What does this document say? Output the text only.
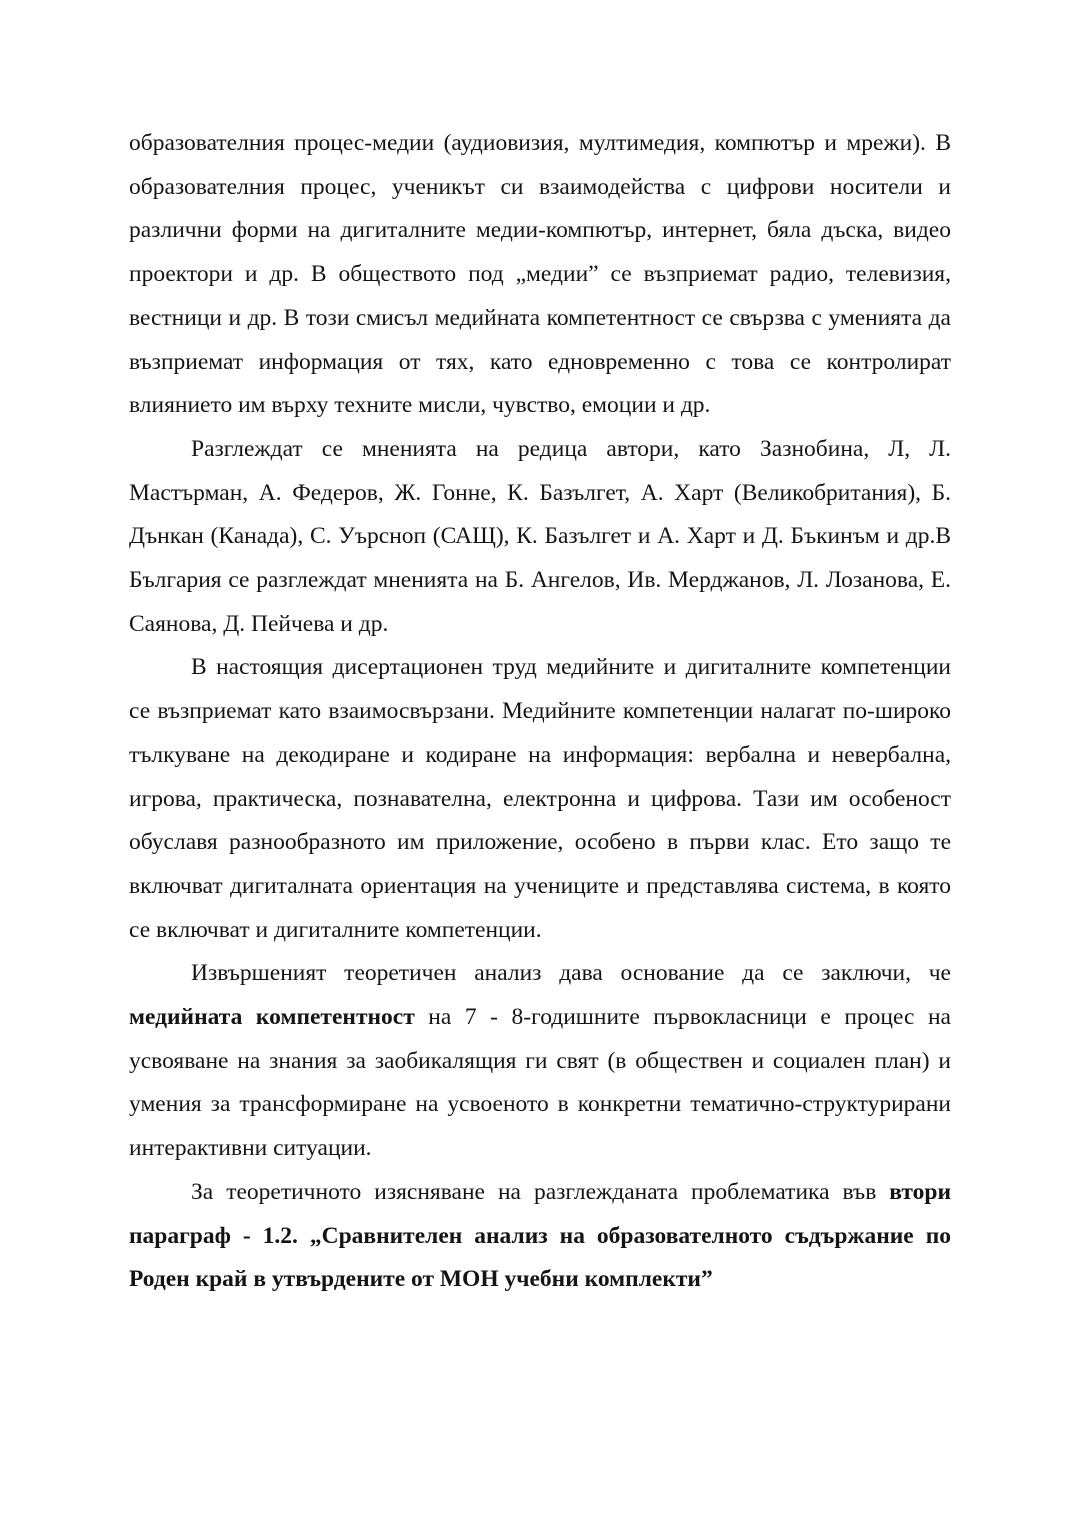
образователния процес-медии (аудиовизия, мултимедия, компютър и мрежи). В образователния процес, ученикът си взаимодейства с цифрови носители и различни форми на дигиталните медии-компютър, интернет, бяла дъска, видео проектори и др. В обществото под „медии” се възприемат радио, телевизия, вестници и др. В този смисъл медийната компетентност се свързва с уменията да възприемат информация от тях, като едновременно с това се контролират влиянието им върху техните мисли, чувство, емоции и др.

Разглеждат се мненията на редица автори, като Зазнобина, Л, Л. Мастърман, А. Федеров, Ж. Гонне, К. Базългет, А. Харт (Великобритания), Б. Дънкан (Канада), С. Уърсноп (САЩ), К. Базългет и А. Харт и Д. Бъкинъм и др.В България се разглеждат мненията на Б. Ангелов, Ив. Мерджанов, Л. Лозанова, Е. Саянова, Д. Пейчева и др.

В настоящия дисертационен труд медийните и дигиталните компетенции се възприемат като взаимосвързани. Медийните компетенции налагат по-широко тълкуване на декодиране и кодиране на информация: вербална и невербална, игрова, практическа, познавателна, електронна и цифрова. Тази им особеност обуславя разнообразното им приложение, особено в първи клас. Ето защо те включват дигиталната ориентация на учениците и представлява система, в която се включват и дигиталните компетенции.

Извършеният теоретичен анализ дава основание да се заключи, че медийната компетентност на 7 - 8-годишните първокласници е процес на усвояване на знания за заобикалящия ги свят (в обществен и социален план) и умения за трансформиране на усвоеното в конкретни тематично-структурирани интерактивни ситуации.

За теоретичното изясняване на разглежданата проблематика във втори параграф - 1.2. „Сравнителен анализ на образователното съдържание по Роден край в утвърдените от МОН учебни комплекти”
